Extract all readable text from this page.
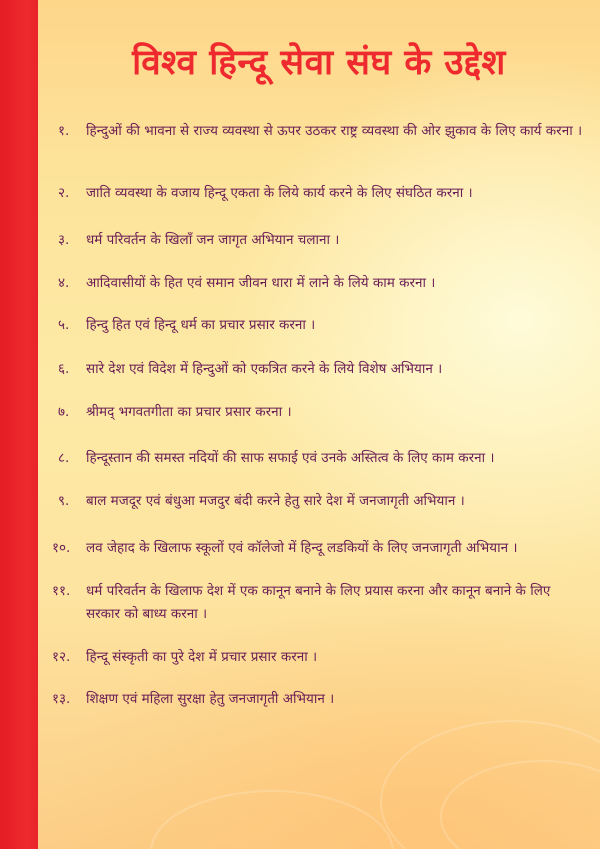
विश्व हिन्दू सेवा संघ के उद्देश
१.	हिन्दुओं की भावना से राज्य व्यवस्था से ऊपर उठकर राष्ट्र व्यवस्था की ओर झुकाव के लिए कार्य करना ।
२.	जाति व्यवस्था के वजाय हिन्दू एकता के लिये कार्य करने के लिए संघठित करना ।
३.	धर्म परिवर्तन के खिलाँ जन जागृत अभियान चलाना ।
४.	आदिवासीयों के हित एवं समान जीवन धारा में लाने के लिये काम करना ।
५.	हिन्दु हित एवं हिन्दू धर्म का प्रचार प्रसार करना ।
६.	सारे देश एवं विदेश में हिन्दुओं को एकत्रित करने के लिये विशेष अभियान ।
७.	श्रीमद् भगवतगीता का प्रचार प्रसार करना ।
८.	हिन्दूस्तान की समस्त नदियों की साफ सफाई एवं उनके अस्तित्व के लिए काम करना ।
९.	बाल मजदूर एवं बंधुआ मजदुर बंदी करने हेतु सारे देश में जनजागृती अभियान ।
१०.	लव जेहाद के खिलाफ स्कूलों एवं कॉलेजो में हिन्दू लडकियों के लिए जनजागृती अभियान ।
११.	धर्म परिवर्तन के खिलाफ देश में एक कानून बनाने के लिए प्रयास करना और कानून बनाने के लिए सरकार को बाध्य करना ।
१२.	हिन्दू संस्कृती का पुरे देश में प्रचार प्रसार करना ।
१३.	शिक्षण एवं महिला सुरक्षा हेतु जनजागृती अभियान ।
